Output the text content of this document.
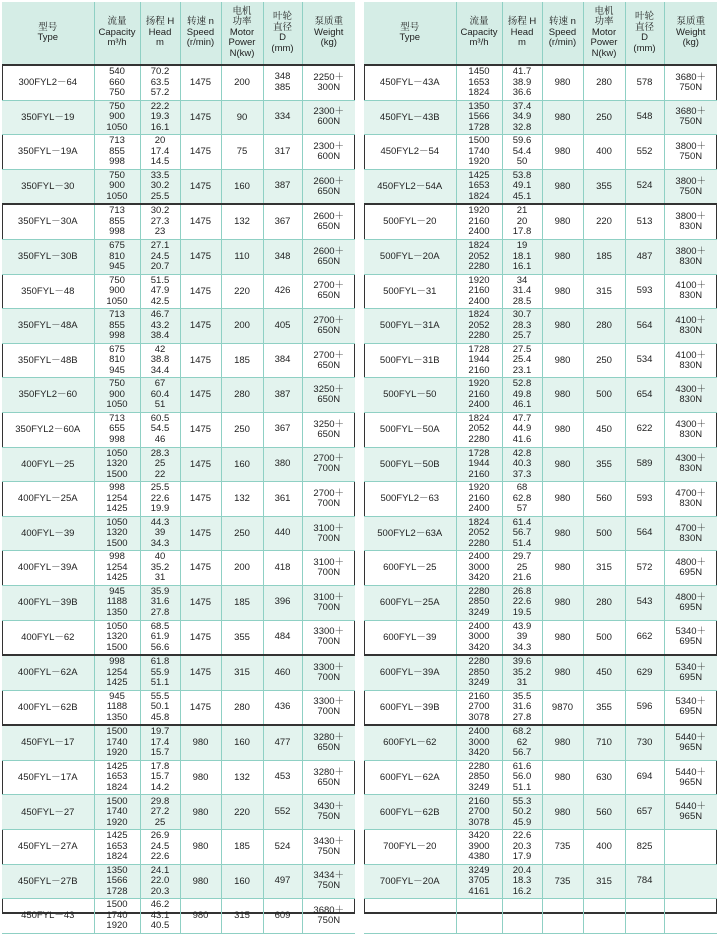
型号
Type	流量
Capacity
m³/h	扬程 H
Head
m	转速 n
Speed
(r/min)	电机
功率
Motor
Power
N(kw)	叶轮
直径
D
(mm)	泵质重
Weight
(kg)

300FYL2－64	540
660
750	70.2
63.5
57.2	1475	200	348
385	2250＋
300N

350FYL－19	750
900
1050	22.2
19.3
16.1	1475	90	334	2300＋
600N

350FYL－19A	713
855
998	20
17.4
14.5	1475	75	317	2300＋
600N

350FYL－30	750
900
1050	33.5
30.2
25.5	1475	160	387	2600＋
650N

350FYL－30A	713
855
998	30.2
27.3
23	1475	132	367	2600＋
650N

350FYL－30B	675
810
945	27.1
24.5
20.7	1475	110	348	2600＋
650N

350FYL－48	750
900
1050	51.5
47.9
42.5	1475	220	426	2700＋
650N

350FYL－48A	713
855
998	46.7
43.2
38.4	1475	200	405	2700＋
650N

350FYL－48B	675
810
945	42
38.8
34.4	1475	185	384	2700＋
650N

350FYL2－60	750
900
1050	67
60.4
51	1475	280	387	3250＋
650N

350FYL2－60A	713
655
998	60.5
54.5
46	1475	250	367	3250＋
650N

400FYL－25	1050
1320
1500	28.3
25
22	1475	160	380	2700＋
700N

400FYL－25A	998
1254
1425	25.5
22.6
19.9	1475	132	361	2700＋
700N

400FYL－39	1050
1320
1500	44.3
39
34.3	1475	250	440	3100＋
700N

400FYL－39A	998
1254
1425	40
35.2
31	1475	200	418	3100＋
700N

400FYL－39B	945
1188
1350	35.9
31.6
27.8	1475	185	396	3100＋
700N

400FYL－62	1050
1320
1500	68.5
61.9
56.6	1475	355	484	3300＋
700N

400FYL－62A	998
1254
1425	61.8
55.9
51.1	1475	315	460	3300＋
700N

400FYL－62B	945
1188
1350	55.5
50.1
45.8	1475	280	436	3300＋
700N

450FYL－17	1500
1740
1920	19.7
17.4
15.7	980	160	477	3280＋
650N

450FYL－17A	1425
1653
1824	17.8
15.7
14.2	980	132	453	3280＋
650N

450FYL－27	1500
1740
1920	29.8
27.2
25	980	220	552	3430＋
750N

450FYL－27A	1425
1653
1824	26.9
24.5
22.6	980	185	524	3430＋
750N

450FYL－27B	1350
1566
1728	24.1
22.0
20.3	980	160	497	3434＋
750N

450FYL－43	1500
1740
1920	46.2
43.1
40.5	980	315	609	3680＋
750N
型号
Type	流量
Capacity
m³/h	扬程 H
Head
m	转速 n
Speed
(r/min)	电机
功率
Motor
Power
N(kw)	叶轮
直径
D
(mm)	泵质重
Weight
(kg)

450FYL－43A	1450
1653
1824	41.7
38.9
36.6	980	280	578	3680＋
750N

450FYL－43B	1350
1566
1728	37.4
34.9
32.8	980	250	548	3680＋
750N

450FYL2－54	1500
1740
1920	59.6
54.4
50	980	400	552	3800＋
750N

450FYL2－54A	1425
1653
1824	53.8
49.1
45.1	980	355	524	3800＋
750N

500FYL－20	1920
2160
2400	21
20
17.8	980	220	513	3800＋
830N

500FYL－20A	1824
2052
2280	19
18.1
16.1	980	185	487	3800＋
830N

500FYL－31	1920
2160
2400	34
31.4
28.5	980	315	593	4100＋
830N

500FYL－31A	1824
2052
2280	30.7
28.3
25.7	980	280	564	4100＋
830N

500FYL－31B	1728
1944
2160	27.5
25.4
23.1	980	250	534	4100＋
830N

500FYL－50	1920
2160
2400	52.8
49.8
46.1	980	500	654	4300＋
830N

500FYL－50A	1824
2052
2280	47.7
44.9
41.6	980	450	622	4300＋
830N

500FYL－50B	1728
1944
2160	42.8
40.3
37.3	980	355	589	4300＋
830N

500FYL2－63	1920
2160
2400	68
62.8
57	980	560	593	4700＋
830N

500FYL2－63A	1824
2052
2280	61.4
56.7
51.4	980	500	564	4700＋
830N

600FYL－25	2400
3000
3420	29.7
25
21.6	980	315	572	4800＋
695N

600FYL－25A	2280
2850
3249	26.8
22.6
19.5	980	280	543	4800＋
695N

600FYL－39	2400
3000
3420	43.9
39
34.3	980	500	662	5340＋
695N

600FYL－39A	2280
2850
3249	39.6
35.2
31	980	450	629	5340＋
695N

600FYL－39B	2160
2700
3078	35.5
31.6
27.8	9870	355	596	5340＋
695N

600FYL－62	2400
3000
3420	68.2
62
56.7	980	710	730	5440＋
965N

600FYL－62A	2280
2850
3249	61.6
56.0
51.1	980	630	694	5440＋
965N

600FYL－62B	2160
2700
3078	55.3
50.2
45.9	980	560	657	5440＋
965N

700FYL－20	3420
3900
4380	22.6
20.3
17.9	735	400	825	

700FYL－20A	3249
3705
4161	20.4
18.3
16.2	735	315	784	
